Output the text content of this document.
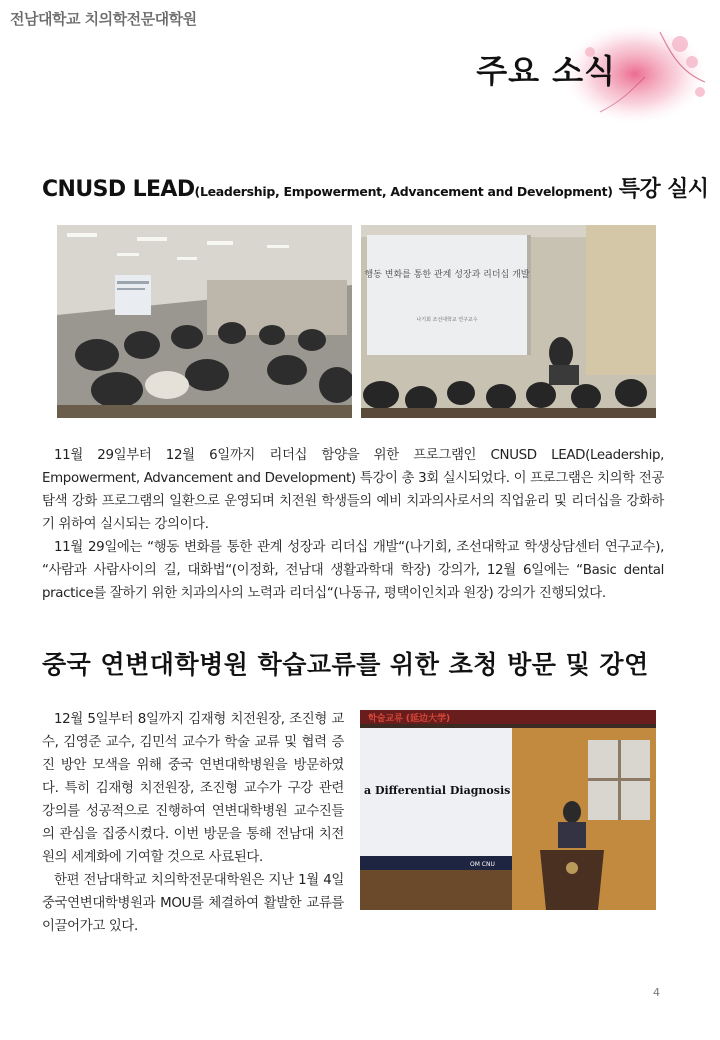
전남대학교 치의학전문대학원
주요 소식
CNUSD LEAD(Leadership, Empowerment, Advancement and Development) 특강 실시
행동 변화를 통한 관계 성장과 리더십 개발
나기회 조선대학교 연구교수

11월 29일부터 12월 6일까지 리더십 함양을 위한 프로그램인 CNUSD LEAD(Leadership, Empowerment, Advancement and Development) 특강이 총 3회 실시되었다. 이 프로그램은 치의학 전공 탐색 강화 프로그램의 일환으로 운영되며 치전원 학생들의 예비 치과의사로서의 직업윤리 및 리더십을 강화하기 위하여 실시되는 강의이다.

11월 29일에는 “행동 변화를 통한 관계 성장과 리더십 개발“(나기회, 조선대학교 학생상담센터 연구교수), “사람과 사람사이의 길, 대화법“(이정화, 전남대 생활과학대 학장) 강의가, 12월 6일에는 “Basic dental practice를 잘하기 위한 치과의사의 노력과 리더십“(나동규, 평택이인치과 원장) 강의가 진행되었다.

중국 연변대학병원 학습교류를 위한 초청 방문 및 강연

12월 5일부터 8일까지 김재형 치전원장, 조진형 교수, 김영준 교수, 김민석 교수가 학술 교류 및 협력 증진 방안 모색을 위해 중국 연변대학병원을 방문하였다. 특히 김재형 치전원장, 조진형 교수가 구강 관련 강의를 성공적으로 진행하여 연변대학병원 교수진들의 관심을 집중시켰다. 이번 방문을 통해 전남대 치전원의 세계화에 기여할 것으로 사료된다.

한편 전남대학교 치의학전문대학원은 지난 1월 4일 중국연변대학병원과 MOU를 체결하여 활발한 교류를 이끌어가고 있다.

학술교류 (延边大学)
a Differential Diagnosis
OM CNU
4
